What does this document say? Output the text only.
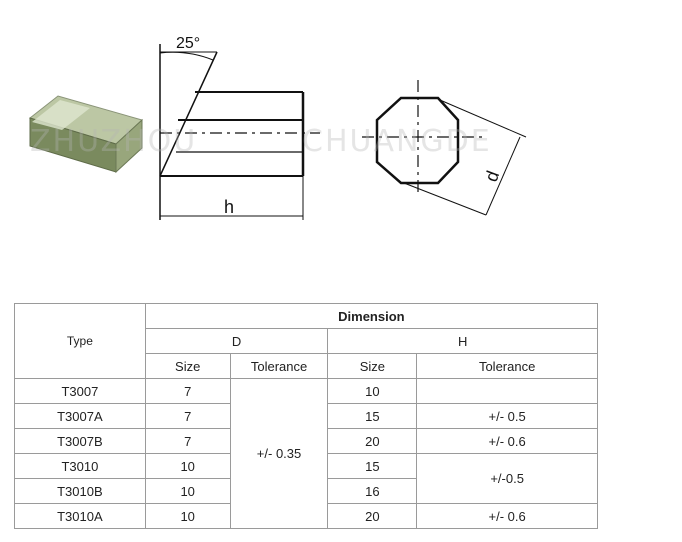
25°
h
d
ZHUZHOU	CHUANGDE
Type	Dimension			
	D		H	
	Size	Tolerance	Size	Tolerance
T3007	7	+/- 0.35	10	
T3007A	7		15	+/- 0.5
T3007B	7		20	+/- 0.6
T3010	10		15	+/-0.5
T3010B	10		16	
T3010A	10		20	+/- 0.6
